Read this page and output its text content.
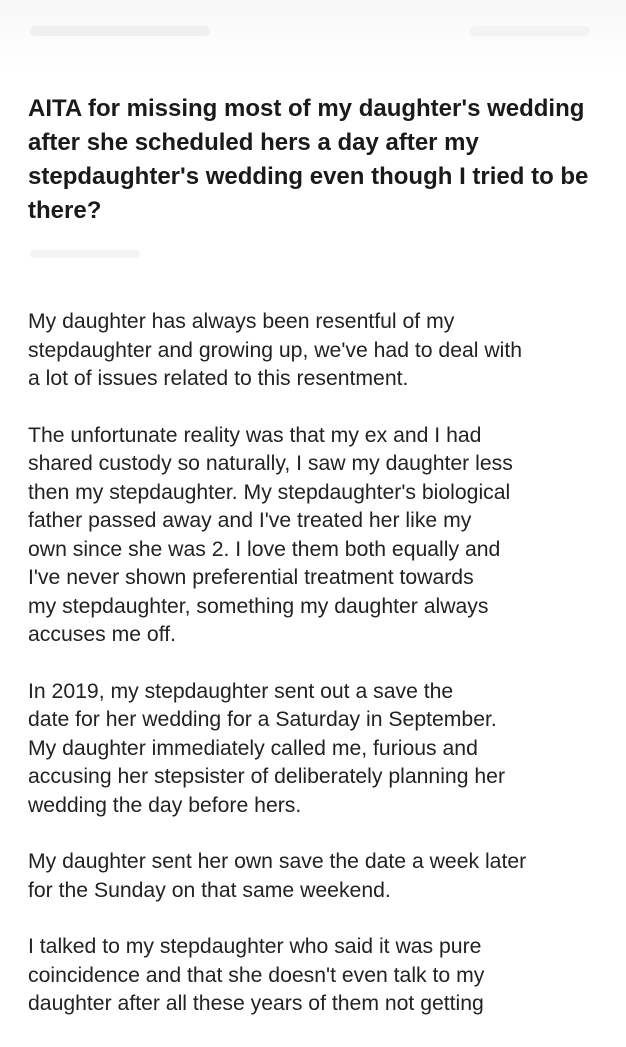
AITA for missing most of my daughter's wedding after she scheduled hers a day after my stepdaughter's wedding even though I tried to be there?

My daughter has always been resentful of my
stepdaughter and growing up, we've had to deal with
a lot of issues related to this resentment.

The unfortunate reality was that my ex and I had
shared custody so naturally, I saw my daughter less
then my stepdaughter. My stepdaughter's biological
father passed away and I've treated her like my
own since she was 2. I love them both equally and
I've never shown preferential treatment towards
my stepdaughter, something my daughter always
accuses me off.

In 2019, my stepdaughter sent out a save the
date for her wedding for a Saturday in September.
My daughter immediately called me, furious and
accusing her stepsister of deliberately planning her
wedding the day before hers.

My daughter sent her own save the date a week later
for the Sunday on that same weekend.

I talked to my stepdaughter who said it was pure
coincidence and that she doesn't even talk to my
daughter after all these years of them not getting
